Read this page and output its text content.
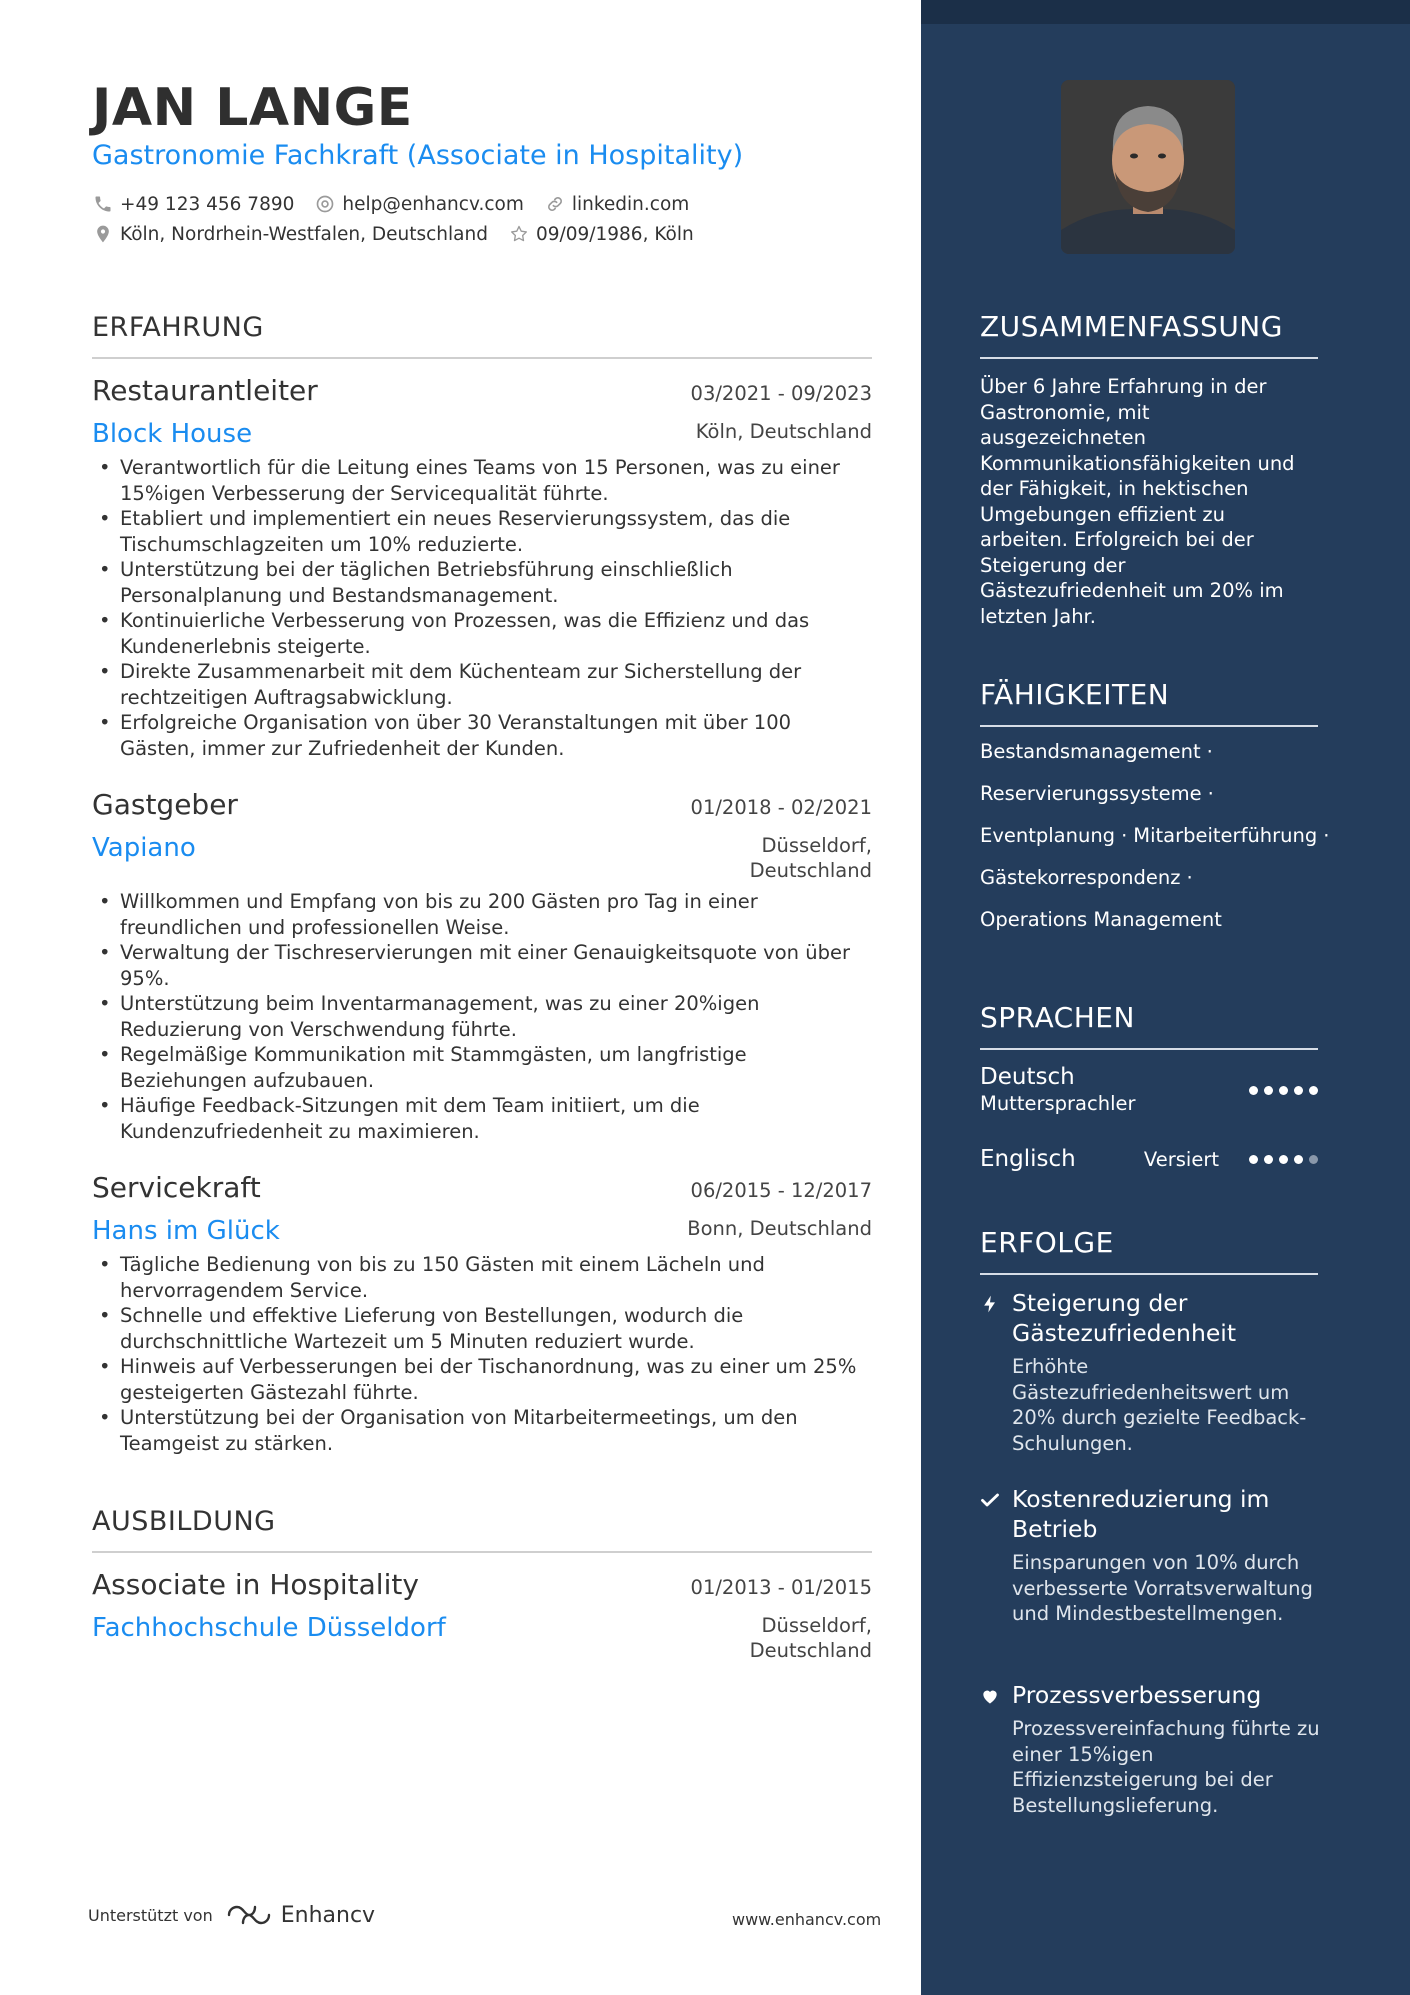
JAN LANGE
Gastronomie Fachkraft (Associate in Hospitality)
+49 123 456 7890	help@enhancv.com	linkedin.com
Köln, Nordrhein-Westfalen, Deutschland	09/09/1986, Köln
ERFAHRUNG
Restaurantleiter	03/2021 - 09/2023
Block House	Köln, Deutschland
• Verantwortlich für die Leitung eines Teams von 15 Personen, was zu einer 15%igen Verbesserung der Servicequalität führte.
• Etabliert und implementiert ein neues Reservierungssystem, das die Tischumschlagzeiten um 10% reduzierte.
• Unterstützung bei der täglichen Betriebsführung einschließlich Personalplanung und Bestandsmanagement.
• Kontinuierliche Verbesserung von Prozessen, was die Effizienz und das Kundenerlebnis steigerte.
• Direkte Zusammenarbeit mit dem Küchenteam zur Sicherstellung der rechtzeitigen Auftragsabwicklung.
• Erfolgreiche Organisation von über 30 Veranstaltungen mit über 100 Gästen, immer zur Zufriedenheit der Kunden.
Gastgeber	01/2018 - 02/2021
Vapiano	Düsseldorf,
Deutschland
• Willkommen und Empfang von bis zu 200 Gästen pro Tag in einer freundlichen und professionellen Weise.
• Verwaltung der Tischreservierungen mit einer Genauigkeitsquote von über 95%.
• Unterstützung beim Inventarmanagement, was zu einer 20%igen Reduzierung von Verschwendung führte.
• Regelmäßige Kommunikation mit Stammgästen, um langfristige Beziehungen aufzubauen.
• Häufige Feedback-Sitzungen mit dem Team initiiert, um die Kundenzufriedenheit zu maximieren.
Servicekraft	06/2015 - 12/2017
Hans im Glück	Bonn, Deutschland
• Tägliche Bedienung von bis zu 150 Gästen mit einem Lächeln und hervorragendem Service.
• Schnelle und effektive Lieferung von Bestellungen, wodurch die durchschnittliche Wartezeit um 5 Minuten reduziert wurde.
• Hinweis auf Verbesserungen bei der Tischanordnung, was zu einer um 25% gesteigerten Gästezahl führte.
• Unterstützung bei der Organisation von Mitarbeitermeetings, um den Teamgeist zu stärken.
AUSBILDUNG
Associate in Hospitality	01/2013 - 01/2015
Fachhochschule Düsseldorf	Düsseldorf,
Deutschland
Unterstützt von	Enhancv	www.enhancv.com
ZUSAMMENFASSUNG
Über 6 Jahre Erfahrung in der
Gastronomie, mit
ausgezeichneten
Kommunikationsfähigkeiten und
der Fähigkeit, in hektischen
Umgebungen effizient zu
arbeiten. Erfolgreich bei der
Steigerung der
Gästezufriedenheit um 20% im
letzten Jahr.
FÄHIGKEITEN
Bestandsmanagement ·
Reservierungssysteme ·
Eventplanung · Mitarbeiterführung ·
Gästekorrespondenz ·
Operations Management
SPRACHEN
Deutsch
Muttersprachler
Englisch	Versiert
ERFOLGE
Steigerung der Gästezufriedenheit
Erhöhte Gästezufriedenheitswert um 20% durch gezielte Feedback-Schulungen.
Kostenreduzierung im Betrieb
Einsparungen von 10% durch verbesserte Vorratsverwaltung und Mindestbestellmengen.
Prozessverbesserung
Prozessvereinfachung führte zu einer 15%igen Effizienzsteigerung bei der Bestellungslieferung.
